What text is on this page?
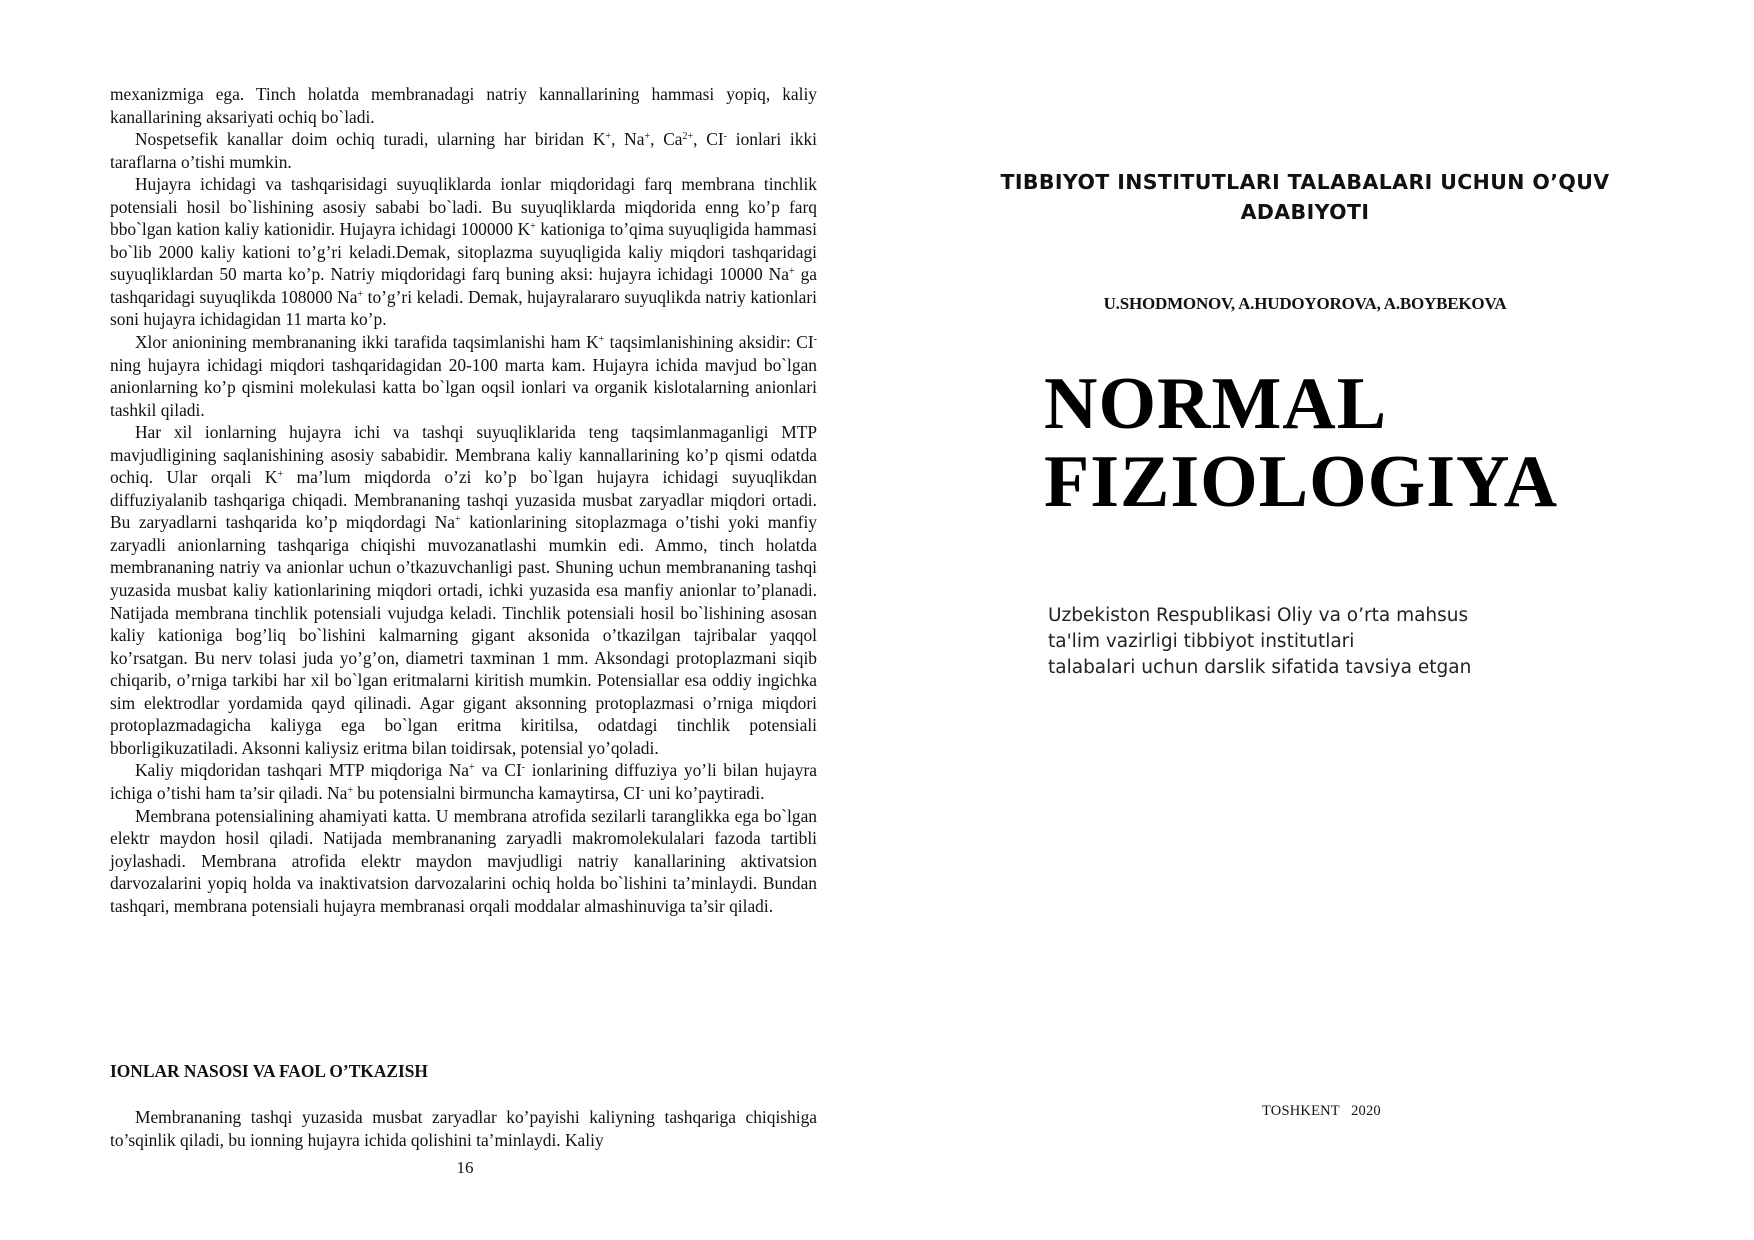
mexanizmiga ega. Tinch holatda membranadagi natriy kannallarining hammasi yopiq, kaliy kanallarining aksariyati ochiq bo`ladi.

Nospetsefik kanallar doim ochiq turadi, ularning har biridan K+, Na+, $Ca^{2+}$, CI- ionlari ikki taraflarna o’tishi mumkin.

Hujayra ichidagi va tashqarisidagi suyuqliklarda ionlar miqdoridagi farq membrana tinchlik potensiali hosil bo`lishining asosiy sababi bo`ladi. Bu suyuqliklarda miqdorida enng ko’p farq bbo`lgan kation kaliy kationidir. Hujayra ichidagi 100000 K+ kationiga to’qima suyuqligida hammasi bo`lib 2000 kaliy kationi to’g’ri keladi.Demak, sitoplazma suyuqligida kaliy miqdori tashqaridagi suyuqliklardan 50 marta ko’p. Natriy miqdoridagi farq buning aksi: hujayra ichidagi 10000 Na+ ga tashqaridagi suyuqlikda 108000 Na+ to’g’ri keladi. Demak, hujayralararo suyuqlikda natriy kationlari soni hujayra ichidagidan 11 marta ko’p.

Xlor anionining membrananing ikki tarafida taqsimlanishi ham K+ taqsimlanishining aksidir: CI- ning hujayra ichidagi miqdori tashqaridagidan 20-100 marta kam. Hujayra ichida mavjud bo`lgan anionlarning ko’p qismini molekulasi katta bo`lgan oqsil ionlari va organik kislotalarning anionlari tashkil qiladi.

Har xil ionlarning hujayra ichi va tashqi suyuqliklarida teng taqsimlanmaganligi MTP mavjudligining saqlanishining asosiy sababidir. Membrana kaliy kannallarining ko’p qismi odatda ochiq. Ular orqali K+ ma’lum miqdorda o’zi ko’p bo`lgan hujayra ichidagi suyuqlikdan diffuziyalanib tashqariga chiqadi. Membrananing tashqi yuzasida musbat zaryadlar miqdori ortadi. Bu zaryadlarni tashqarida ko’p miqdordagi Na+ kationlarining sitoplazmaga o’tishi yoki manfiy zaryadli anionlarning tashqariga chiqishi muvozanatlashi mumkin edi. Ammo, tinch holatda membrananing natriy va anionlar uchun o’tkazuvchanligi past. Shuning uchun membrananing tashqi yuzasida musbat kaliy kationlarining miqdori ortadi, ichki yuzasida esa manfiy anionlar to’planadi. Natijada membrana tinchlik potensiali vujudga keladi. Tinchlik potensiali hosil bo`lishining asosan kaliy kationiga bog’liq bo`lishini kalmarning gigant aksonida o’tkazilgan tajribalar yaqqol ko’rsatgan. Bu nerv tolasi juda yo’g’on, diametri taxminan 1 mm. Aksondagi protoplazmani siqib chiqarib, o’rniga tarkibi har xil bo`lgan eritmalarni kiritish mumkin. Potensiallar esa oddiy ingichka sim elektrodlar yordamida qayd qilinadi. Agar gigant aksonning protoplazmasi o’rniga miqdori protoplazmadagicha kaliyga ega bo`lgan eritma kiritilsa, odatdagi tinchlik potensiali bborligikuzatiladi. Aksonni kaliysiz eritma bilan toidirsak, potensial yo’qoladi.

Kaliy miqdoridan tashqari MTP miqdoriga Na+ va CI- ionlarining diffuziya yo’li bilan hujayra ichiga o’tishi ham ta’sir qiladi. Na+ bu potensialni birmuncha kamaytirsa, CI- uni ko’paytiradi.

Membrana potensialining ahamiyati katta. U membrana atrofida sezilarli taranglikka ega bo`lgan elektr maydon hosil qiladi. Natijada membrananing zaryadli makromolekulalari fazoda tartibli joylashadi. Membrana atrofida elektr maydon mavjudligi natriy kanallarining aktivatsion darvozalarini yopiq holda va inaktivatsion darvozalarini ochiq holda bo`lishini ta’minlaydi. Bundan tashqari, membrana potensiali hujayra membranasi orqali moddalar almashinuviga ta’sir qiladi.

IONLAR NASOSI VA FAOL O’TKAZISH

Membrananing tashqi yuzasida musbat zaryadlar ko’payishi kaliyning tashqariga chiqishiga to’sqinlik qiladi, bu ionning hujayra ichida qolishini ta’minlaydi. Kaliy

16
TIBBIYOT INSTITUTLARI TALABALARI UCHUN O’QUV
ADABIYOTI
U.SHODMONOV, A.HUDOYOROVA, A.BOYBEKOVA
NORMAL
FIZIOLOGIYA
Uzbekiston Respublikasi Oliy va o’rta mahsus
ta'lim vazirligi tibbiyot institutlari
talabalari uchun darslik sifatida tavsiya etgan
TOSHKENT   2020
